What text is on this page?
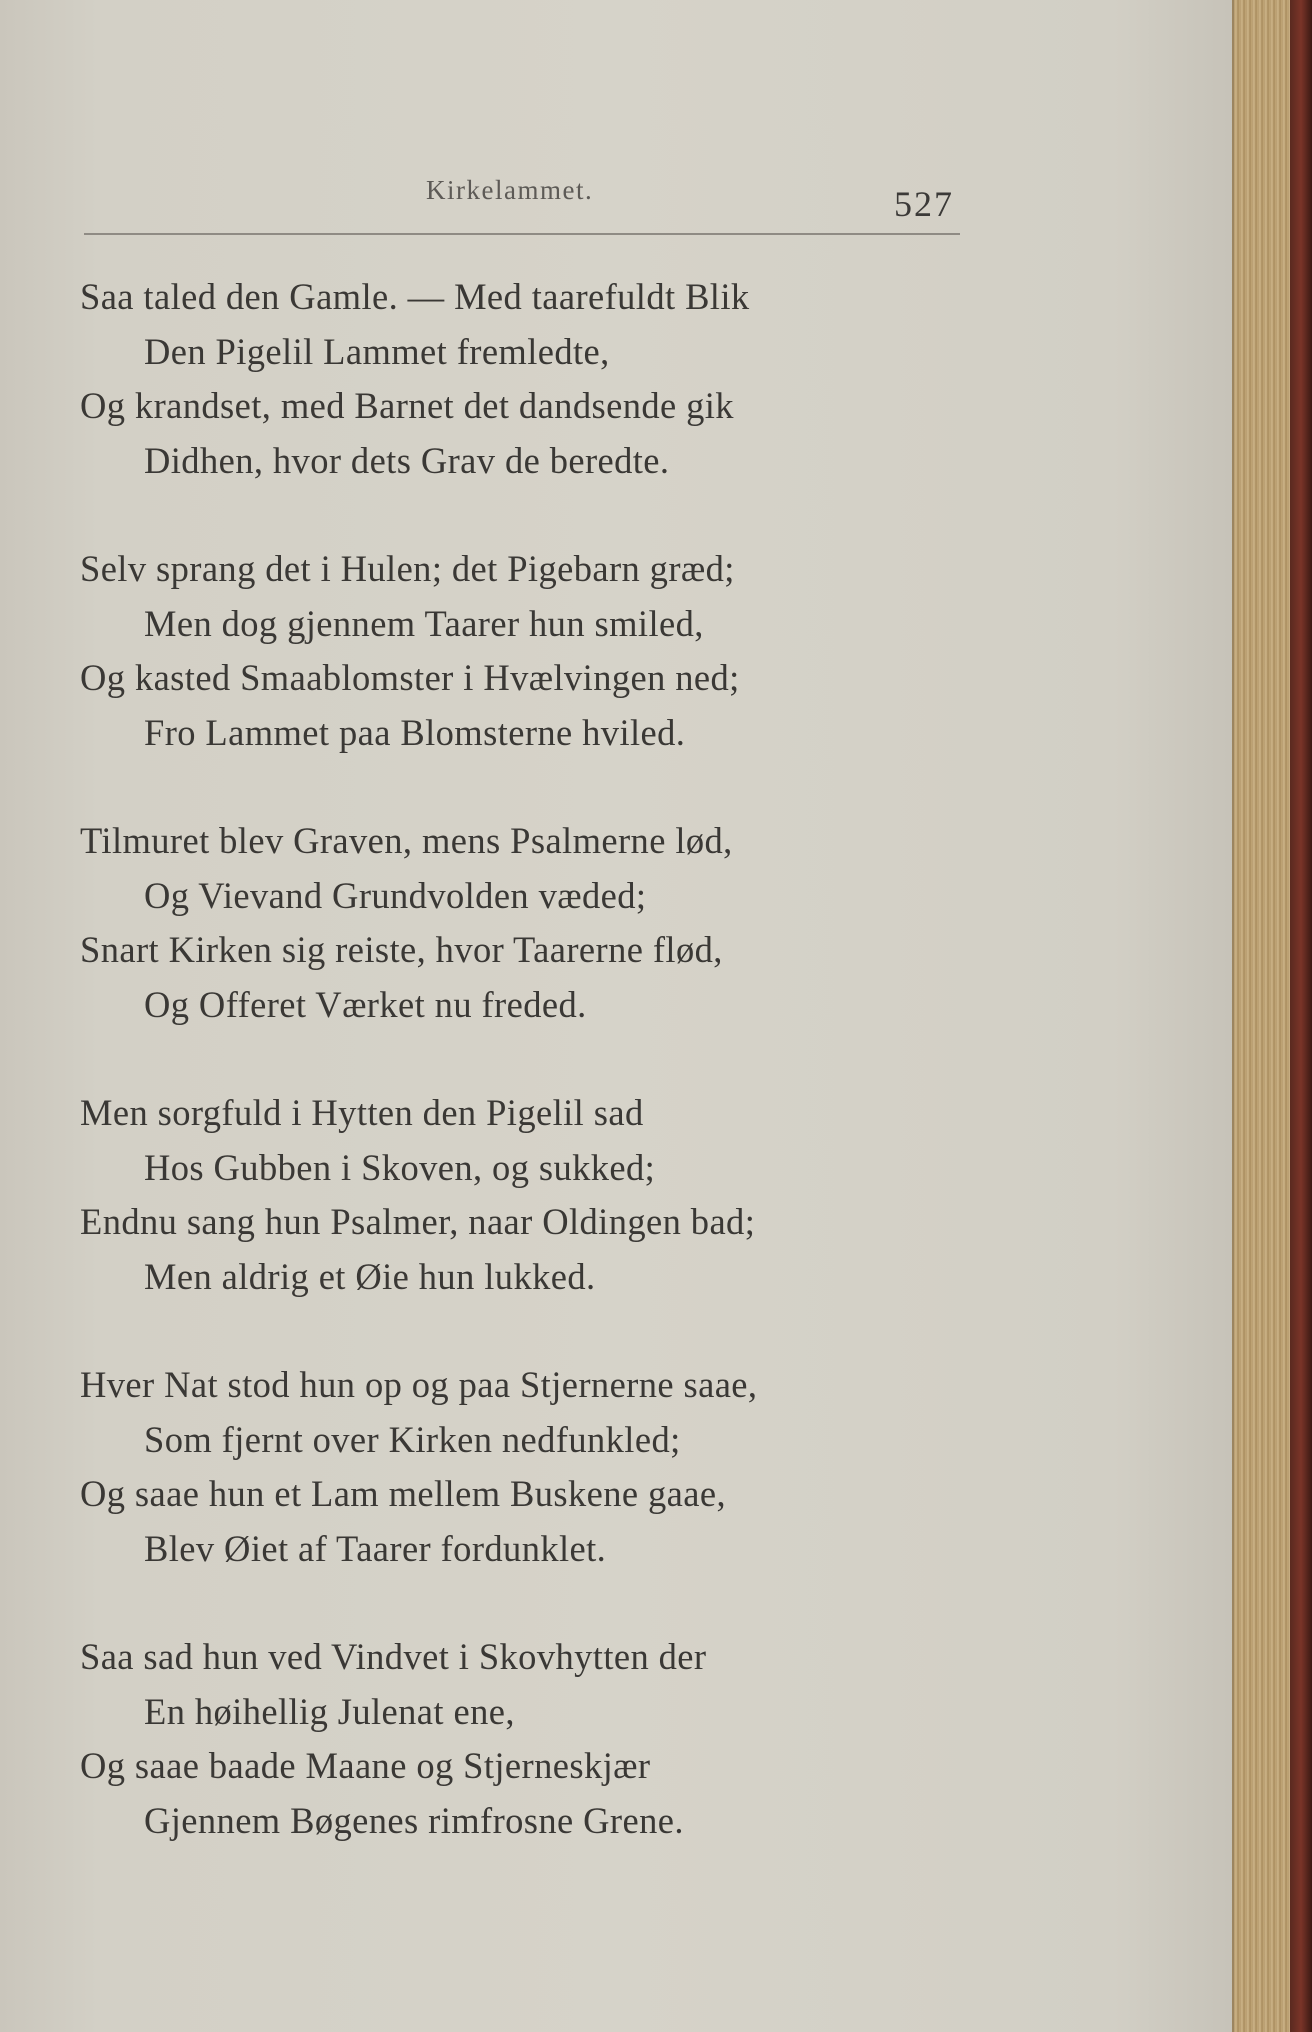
Kirkelammet.	527
Saa taled den Gamle. — Med taarefuldt Blik
Den Pigelil Lammet fremledte,
Og krandset, med Barnet det dandsende gik
Didhen, hvor dets Grav de beredte.
Selv sprang det i Hulen; det Pigebarn græd;
Men dog gjennem Taarer hun smiled,
Og kasted Smaablomster i Hvælvingen ned;
Fro Lammet paa Blomsterne hviled.
Tilmuret blev Graven, mens Psalmerne lød,
Og Vievand Grundvolden væded;
Snart Kirken sig reiste, hvor Taarerne flød,
Og Offeret Værket nu freded.
Men sorgfuld i Hytten den Pigelil sad
Hos Gubben i Skoven, og sukked;
Endnu sang hun Psalmer, naar Oldingen bad;
Men aldrig et Øie hun lukked.
Hver Nat stod hun op og paa Stjernerne saae,
Som fjernt over Kirken nedfunkled;
Og saae hun et Lam mellem Buskene gaae,
Blev Øiet af Taarer fordunklet.
Saa sad hun ved Vindvet i Skovhytten der
En høihellig Julenat ene,
Og saae baade Maane og Stjerneskjær
Gjennem Bøgenes rimfrosne Grene.
